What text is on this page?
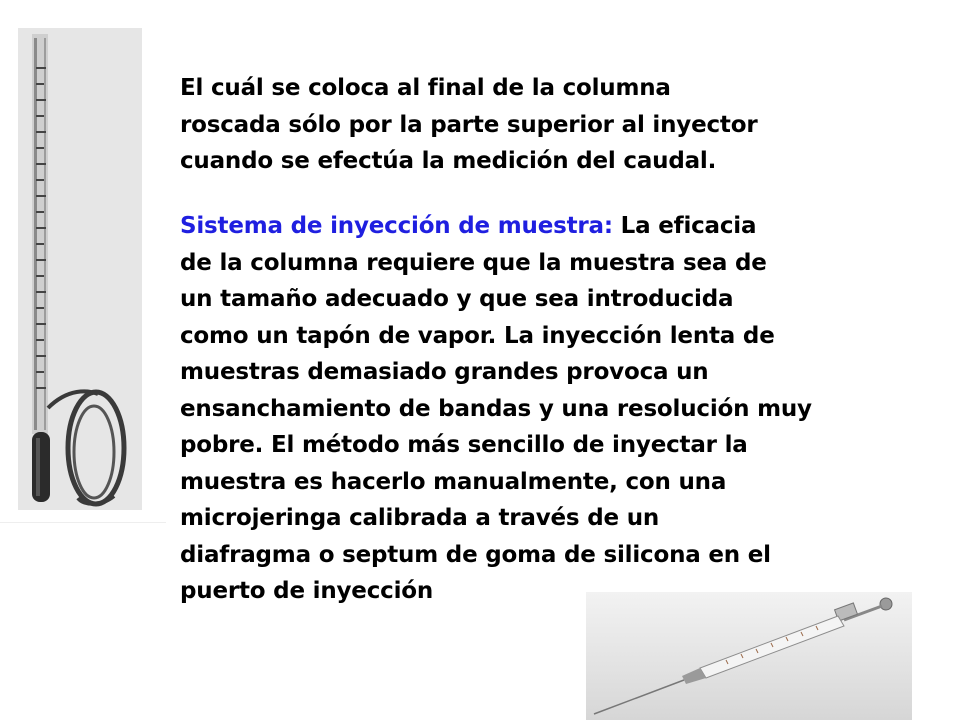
El cuál se coloca al final de la columna
roscada sólo por la parte superior al inyector
cuando se efectúa la medición del caudal.

Sistema de inyección de muestra: La eficacia
de la columna requiere que la muestra sea de
un tamaño adecuado y que sea introducida
como un tapón de vapor. La inyección lenta de
muestras demasiado grandes provoca un
ensanchamiento de bandas y una resolución muy
pobre. El método más sencillo de inyectar la
muestra es hacerlo manualmente, con una
microjeringa calibrada a través de un
diafragma o septum de goma de silicona en el
puerto de inyección
